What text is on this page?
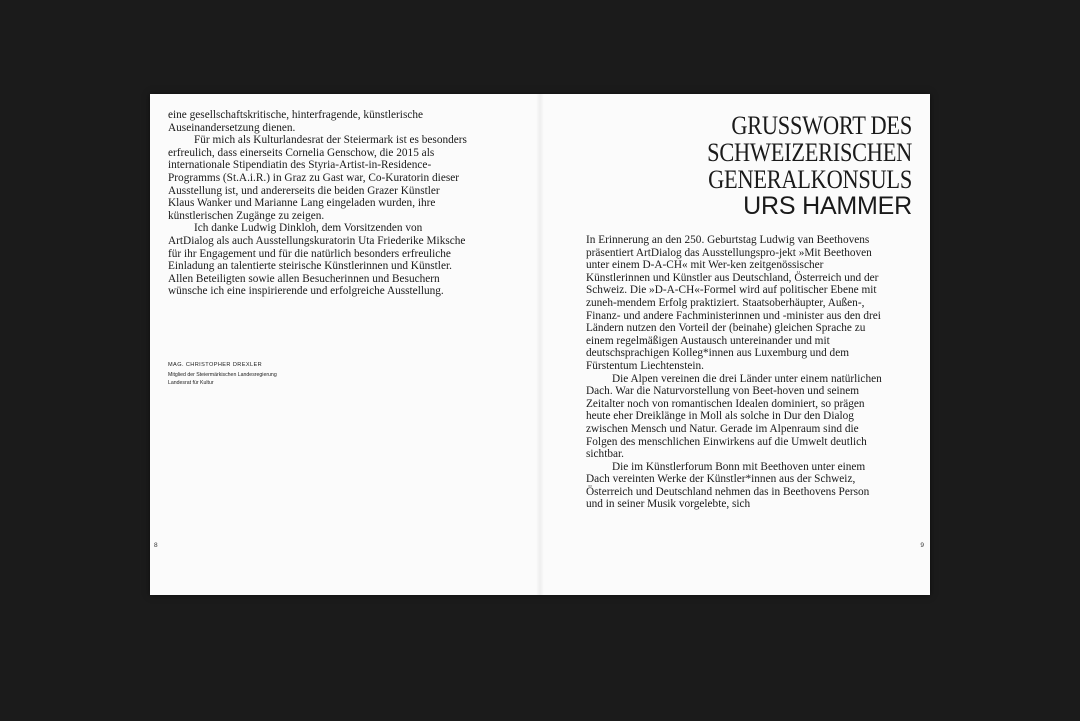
eine gesellschaftskritische, hinterfragende, künstlerische Auseinandersetzung dienen.

Für mich als Kulturlandesrat der Steiermark ist es besonders erfreulich, dass einerseits Cornelia Genschow, die 2015 als internationale Stipendiatin des Styria-Artist-in-Residence-Programms (St.A.i.R.) in Graz zu Gast war, Co-Kuratorin dieser Ausstellung ist, und andererseits die beiden Grazer Künstler Klaus Wanker und Marianne Lang eingeladen wurden, ihre künstlerischen Zugänge zu zeigen.

Ich danke Ludwig Dinkloh, dem Vorsitzenden von ArtDialog als auch Ausstellungskuratorin Uta Friederike Miksche für ihr Engagement und für die natürlich besonders erfreuliche Einladung an talentierte steirische Künstlerinnen und Künstler. Allen Beteiligten sowie allen Besucherinnen und Besuchern wünsche ich eine inspirierende und erfolgreiche Ausstellung.

MAG. CHRISTOPHER DREXLER
Mitglied der Steiermärkischen Landesregierung
Landesrat für Kultur
8
GRUSSWORT DES
SCHWEIZERISCHEN
GENERALKONSULS
URS HAMMER

In Erinnerung an den 250. Geburtstag Ludwig van Beethovens präsentiert ArtDialog das Ausstellungspro-jekt »Mit Beethoven unter einem D-A-CH« mit Wer-ken zeitgenössischer Künstlerinnen und Künstler aus Deutschland, Österreich und der Schweiz. Die »D-A-CH«-Formel wird auf politischer Ebene mit zuneh-mendem Erfolg praktiziert. Staatsoberhäupter, Außen-, Finanz- und andere Fachministerinnen und -minister aus den drei Ländern nutzen den Vorteil der (beinahe) gleichen Sprache zu einem regelmäßigen Austausch untereinander und mit deutschsprachigen Kolleg*innen aus Luxemburg und dem Fürstentum Liechtenstein.

Die Alpen vereinen die drei Länder unter einem natürlichen Dach. War die Naturvorstellung von Beet-hoven und seinem Zeitalter noch von romantischen Idealen dominiert, so prägen heute eher Dreiklänge in Moll als solche in Dur den Dialog zwischen Mensch und Natur. Gerade im Alpenraum sind die Folgen des menschlichen Einwirkens auf die Umwelt deutlich sichtbar.

Die im Künstlerforum Bonn mit Beethoven unter einem Dach vereinten Werke der Künstler*innen aus der Schweiz, Österreich und Deutschland nehmen das in Beethovens Person und in seiner Musik vorgelebte, sich

9
